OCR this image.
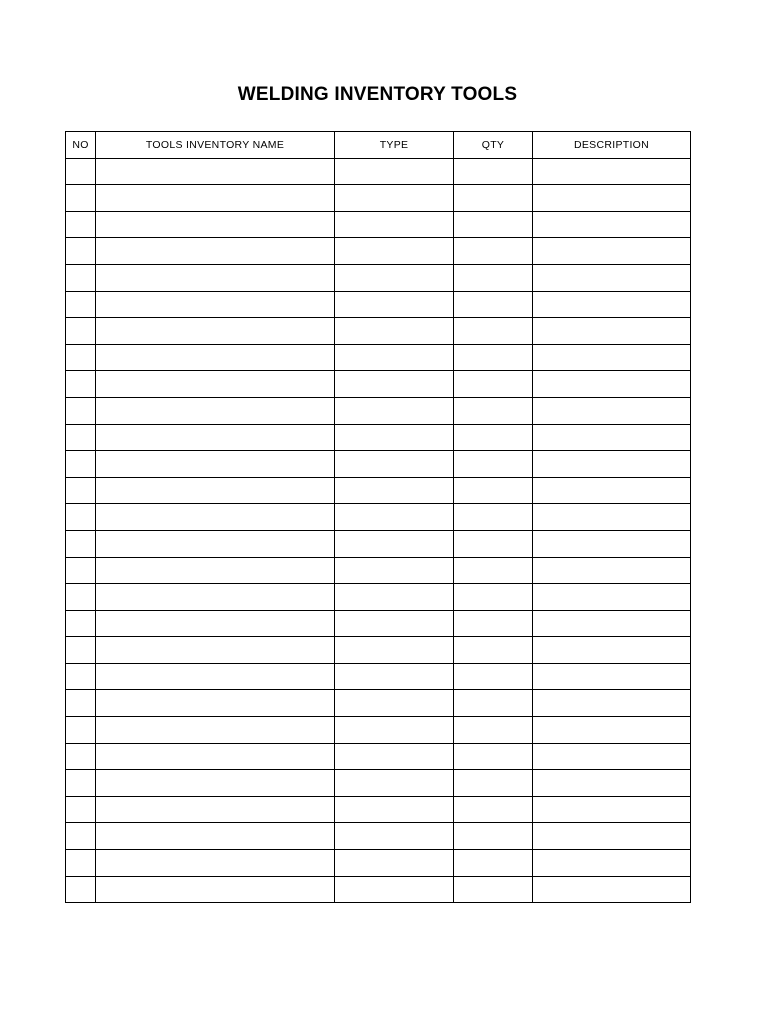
WELDING INVENTORY TOOLS
NO	TOOLS INVENTORY NAME	TYPE	QTY	DESCRIPTION
